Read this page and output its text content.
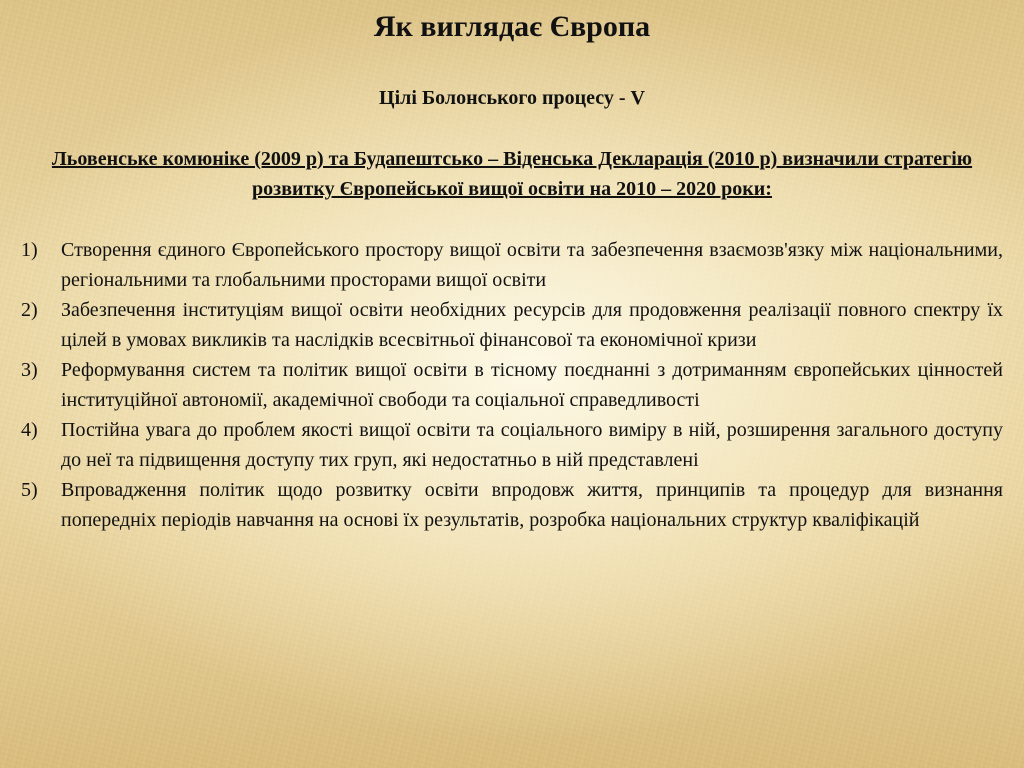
Як виглядає Європа
Цілі Болонського процесу - V
Льовенське комюніке (2009 р) та Будапештсько – Віденська Декларація (2010 р) визначили стратегію розвитку Європейської вищої освіти на 2010 – 2020 роки:
1)	Створення єдиного Європейського простору вищої освіти та забезпечення взаємозв'язку між національними, регіональними та глобальними просторами вищої освіти
2)	Забезпечення інституціям вищої освіти необхідних ресурсів для продовження реалізації повного спектру їх цілей в умовах викликів та наслідків всесвітньої фінансової та економічної кризи
3)	Реформування систем та політик вищої освіти в тісному поєднанні з дотриманням європейських цінностей інституційної автономії, академічної свободи та соціальної справедливості
4)	Постійна увага до проблем якості вищої освіти та соціального виміру в ній, розширення загального доступу до неї та підвищення доступу тих груп, які недостатньо в ній представлені
5)	Впровадження політик щодо розвитку освіти впродовж життя, принципів та процедур для визнання попередніх періодів навчання на основі їх результатів, розробка національних структур кваліфікацій
